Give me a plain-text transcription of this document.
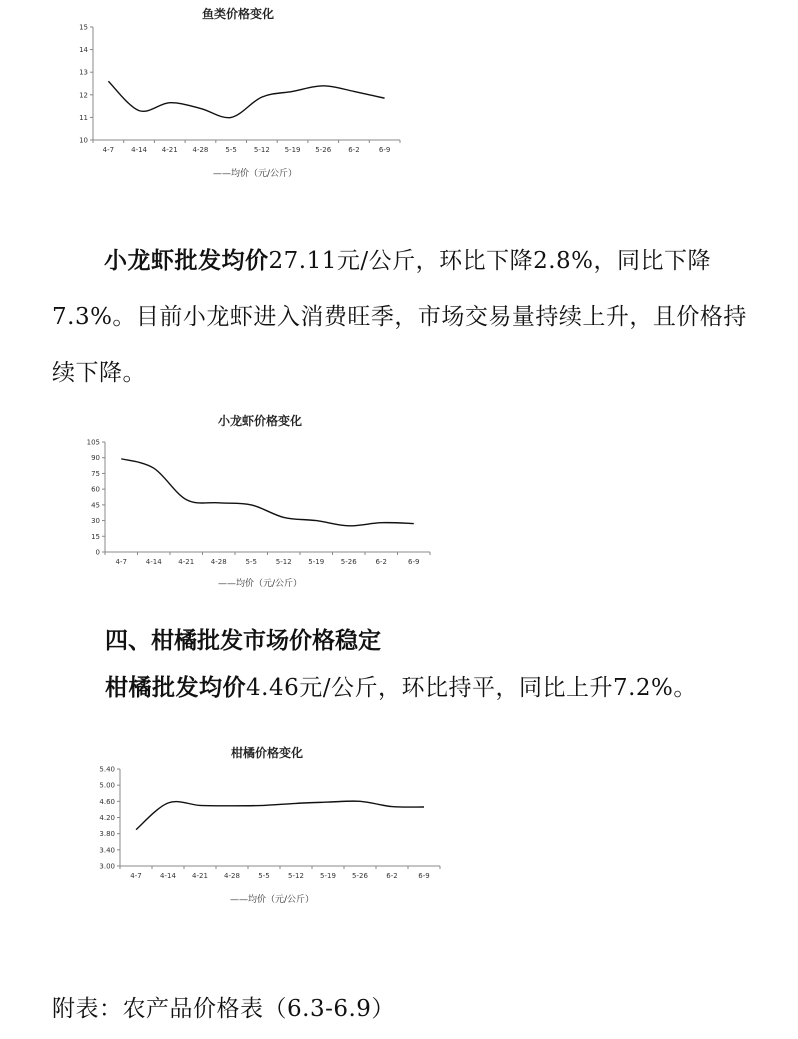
鱼类价格变化
10
11
12
13
14
15
4-7 4-14 4-21 4-28 5-5 5-12 5-19 5-26 6-2	6-9
——均价（元/公斤）

小龙虾批发均价27.11元/公斤，环比下降2.8%，同比下降7.3%。目前小龙虾进入消费旺季，市场交易量持续上升，且价格持续下降。

小龙虾价格变化
0
15
30
45
60
75
90
105
4-7	4-14 4-21 4-28	5-5	5-12 5-19 5-26	6-2	6-9
——均价（元/公斤）
四、柑橘批发市场价格稳定

柑橘批发均价4.46元/公斤，环比持平，同比上升7.2%。

柑橘价格变化
3.00
3.40
3.80
4.20
4.60
5.00
5.40
4-7	4-14 4-21 4-28	5-5	5-12 5-19 5-26	6-2	6-9
——均价（元/公斤）

附表：农产品价格表（6.3-6.9）
